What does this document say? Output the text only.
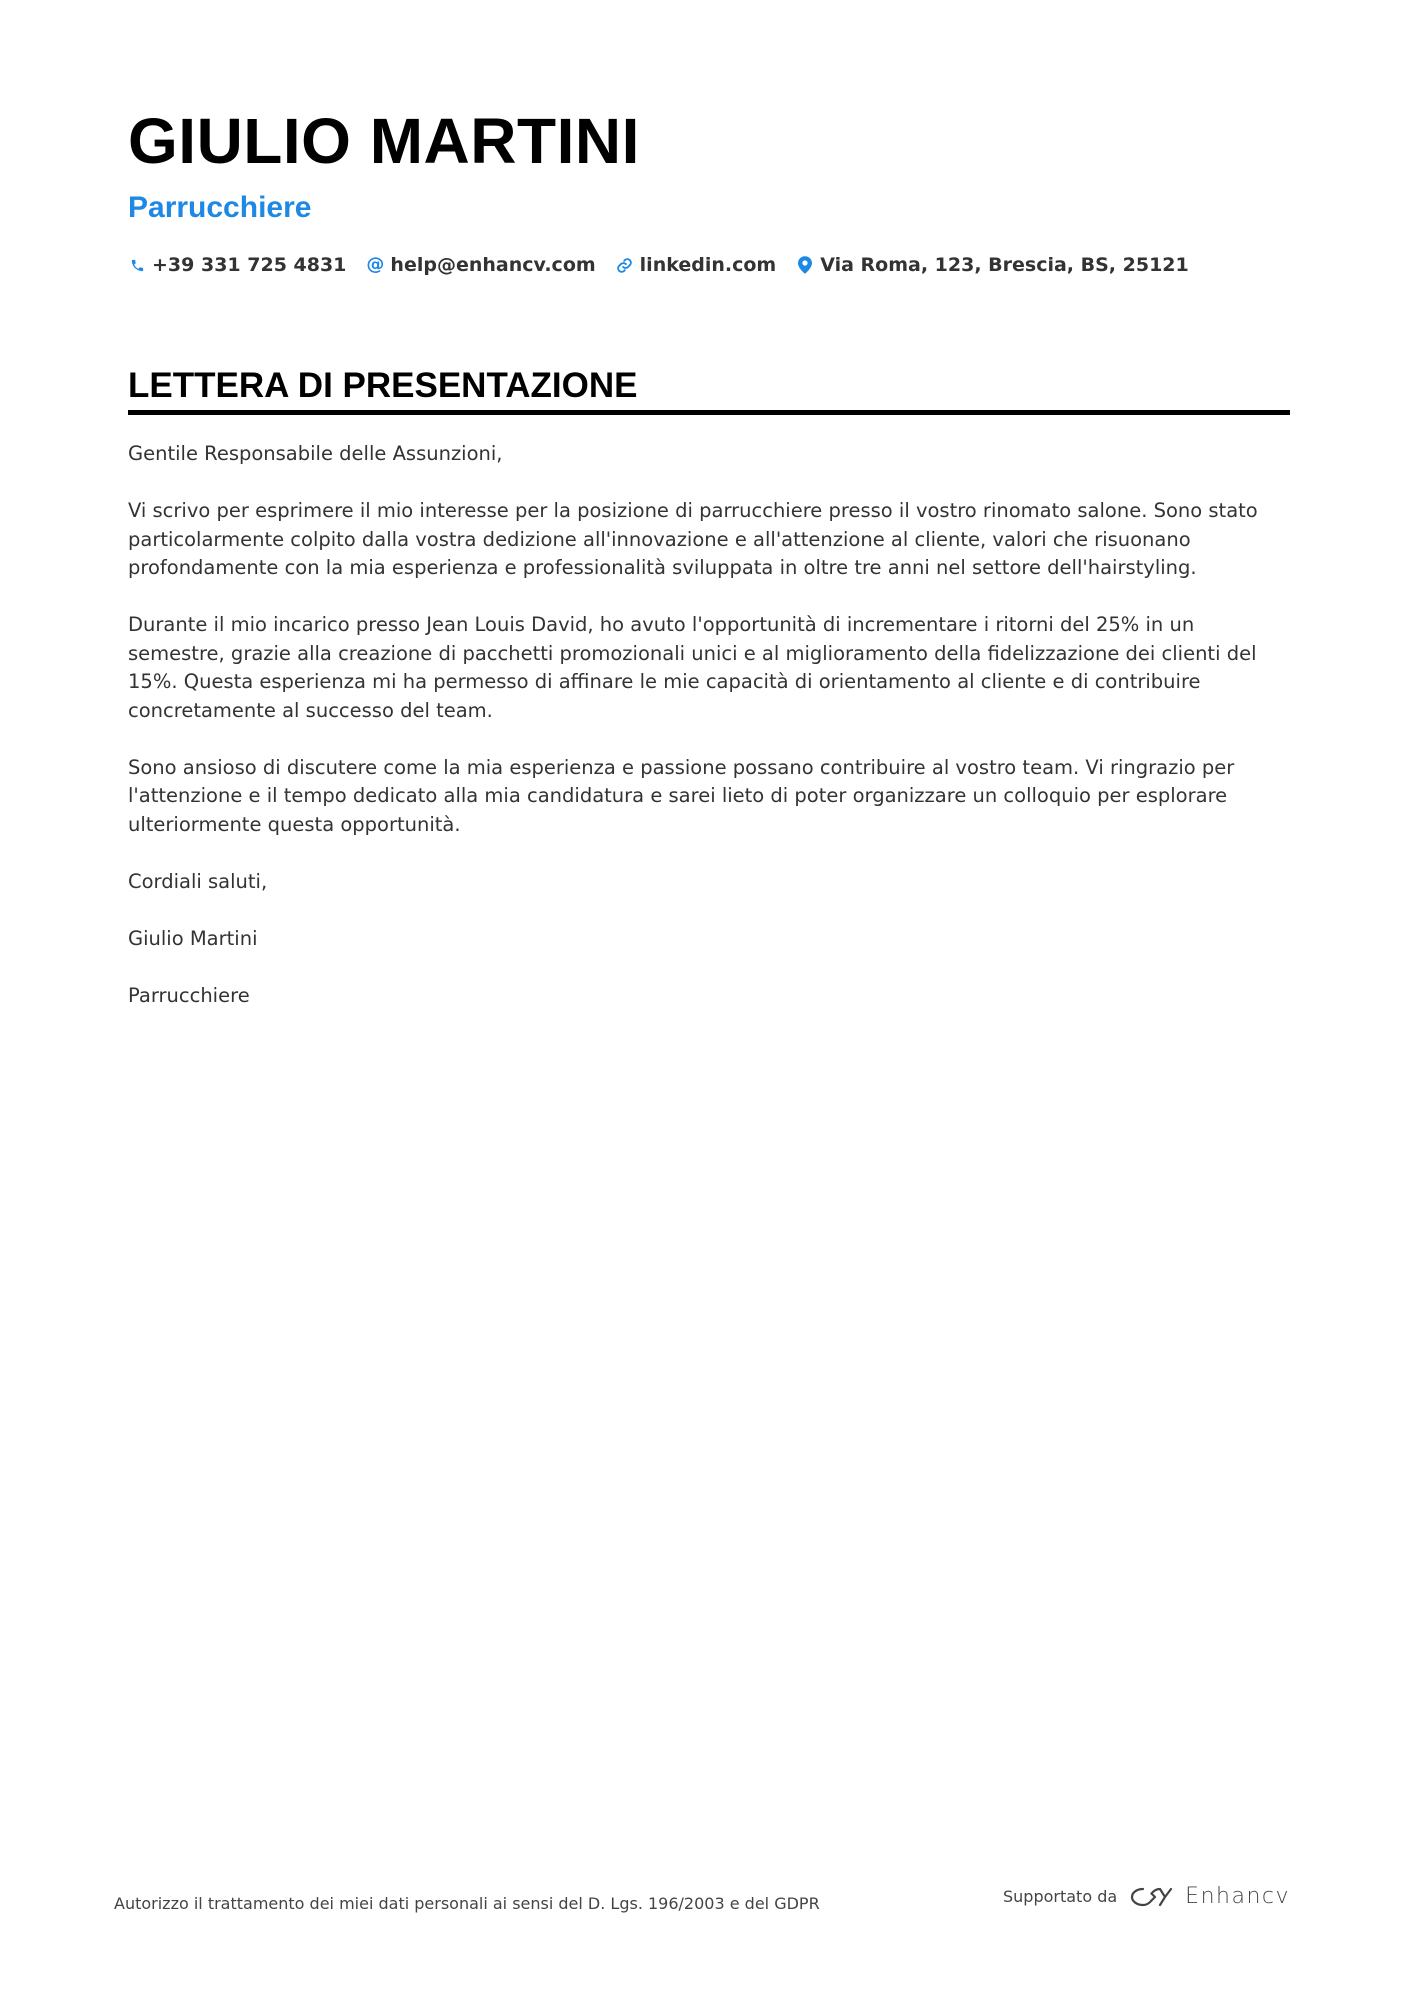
GIULIO MARTINI
Parrucchiere
+39 331 725 4831 @ help@enhancv.com linkedin.com Via Roma, 123, Brescia, BS, 25121
LETTERA DI PRESENTAZIONE

Gentile Responsabile delle Assunzioni,

Vi scrivo per esprimere il mio interesse per la posizione di parrucchiere presso il vostro rinomato salone. Sono stato particolarmente colpito dalla vostra dedizione all'innovazione e all'attenzione al cliente, valori che risuonano profondamente con la mia esperienza e professionalità sviluppata in oltre tre anni nel settore dell'hairstyling.

Durante il mio incarico presso Jean Louis David, ho avuto l'opportunità di incrementare i ritorni del 25% in un semestre, grazie alla creazione di pacchetti promozionali unici e al miglioramento della fidelizzazione dei clienti del 15%. Questa esperienza mi ha permesso di affinare le mie capacità di orientamento al cliente e di contribuire concretamente al successo del team.

Sono ansioso di discutere come la mia esperienza e passione possano contribuire al vostro team. Vi ringrazio per l'attenzione e il tempo dedicato alla mia candidatura e sarei lieto di poter organizzare un colloquio per esplorare ulteriormente questa opportunità.

Cordiali saluti,

Giulio Martini

Parrucchiere

Autorizzo il trattamento dei miei dati personali ai sensi del D. Lgs. 196/2003 e del GDPR	Supportato da	Enhancv
